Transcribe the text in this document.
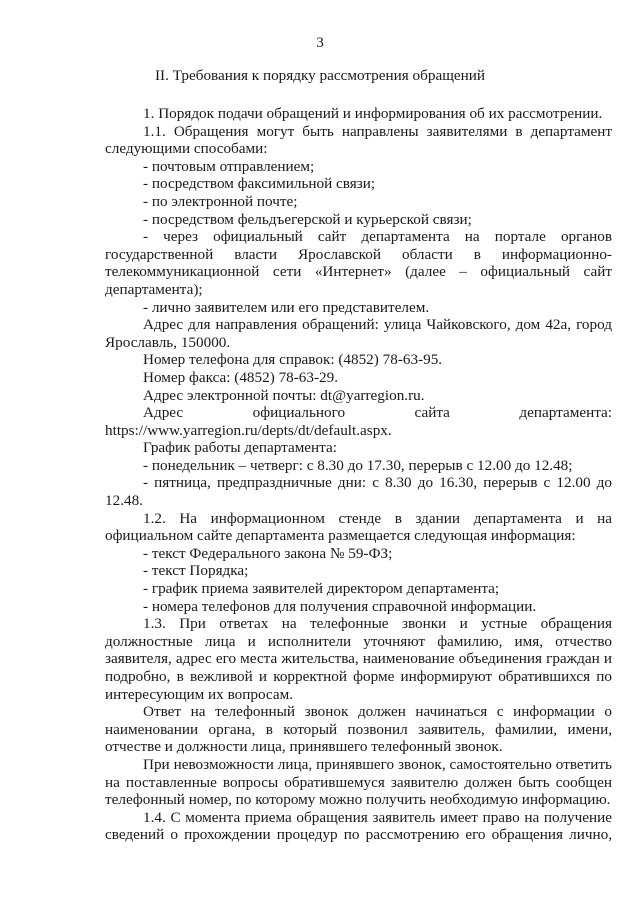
3
II. Требования к порядку рассмотрения обращений

1. Порядок подачи обращений и информирования об их рассмотрении.

1.1. Обращения могут быть направлены заявителями в департамент следующими способами:

- почтовым отправлением;

- посредством факсимильной связи;

- по электронной почте;

- посредством фельдъегерской и курьерской связи;

- через официальный сайт департамента на портале органов государственной власти Ярославской области в информационно-телекоммуникационной сети «Интернет» (далее – официальный сайт департамента);

- лично заявителем или его представителем.

Адрес для направления обращений: улица Чайковского, дом 42а, город Ярославль, 150000.

Номер телефона для справок: (4852) 78-63-95.

Номер факса: (4852) 78-63-29.

Адрес электронной почты: dt@yarregion.ru.

Адрес официального сайта департамента: https://www.yarregion.ru/depts/dt/default.aspx.

График работы департамента:

- понедельник – четверг: с 8.30 до 17.30, перерыв с 12.00 до 12.48;

- пятница, предпраздничные дни: с 8.30 до 16.30, перерыв с 12.00 до 12.48.

1.2. На информационном стенде в здании департамента и на официальном сайте департамента размещается следующая информация:

- текст Федерального закона № 59-ФЗ;

- текст Порядка;

- график приема заявителей директором департамента;

- номера телефонов для получения справочной информации.

1.3. При ответах на телефонные звонки и устные обращения должностные лица и исполнители уточняют фамилию, имя, отчество заявителя, адрес его места жительства, наименование объединения граждан и подробно, в вежливой и корректной форме информируют обратившихся по интересующим их вопросам.

Ответ на телефонный звонок должен начинаться с информации о наименовании органа, в который позвонил заявитель, фамилии, имени, отчестве и должности лица, принявшего телефонный звонок.

При невозможности лица, принявшего звонок, самостоятельно ответить на поставленные вопросы обратившемуся заявителю должен быть сообщен телефонный номер, по которому можно получить необходимую информацию.

1.4. С момента приема обращения заявитель имеет право на получение сведений о прохождении процедур по рассмотрению его обращения лично,
